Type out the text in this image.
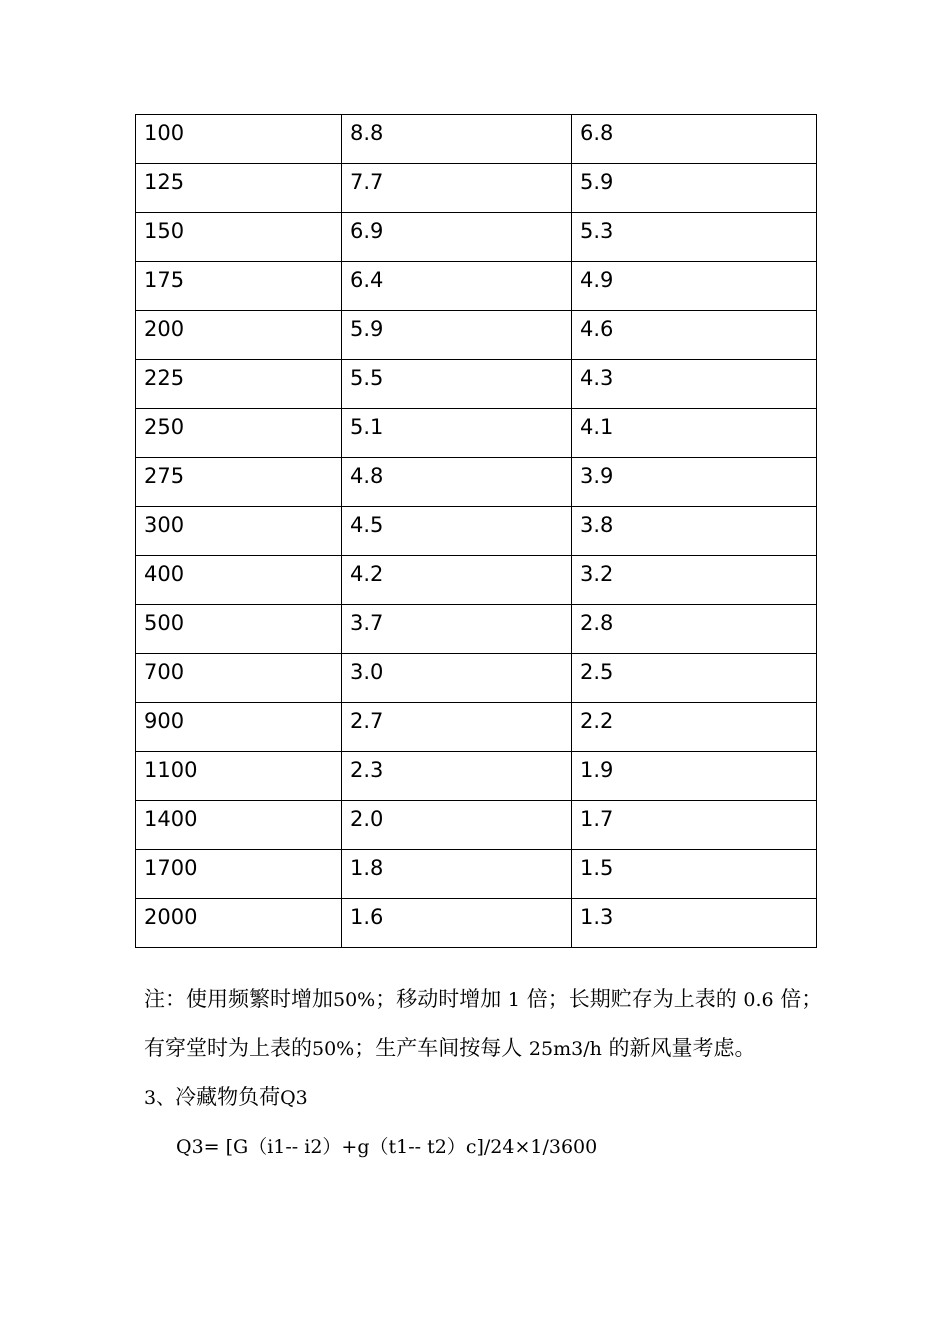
100	8.8	6.8
125	7.7	5.9
150	6.9	5.3
175	6.4	4.9
200	5.9	4.6
225	5.5	4.3
250	5.1	4.1
275	4.8	3.9
300	4.5	3.8
400	4.2	3.2
500	3.7	2.8
700	3.0	2.5
900	2.7	2.2
1100	2.3	1.9
1400	2.0	1.7
1700	1.8	1.5
2000	1.6	1.3

注：使用频繁时增加50%；移动时增加 1 倍；长期贮存为上表的 0.6 倍；有穿堂时为上表的50%；生产车间按每人 25m3/h 的新风量考虑。

3、冷藏物负荷Q3

Q3= [G（i1-- i2）+g（t1-- t2）c]/24×1/3600
